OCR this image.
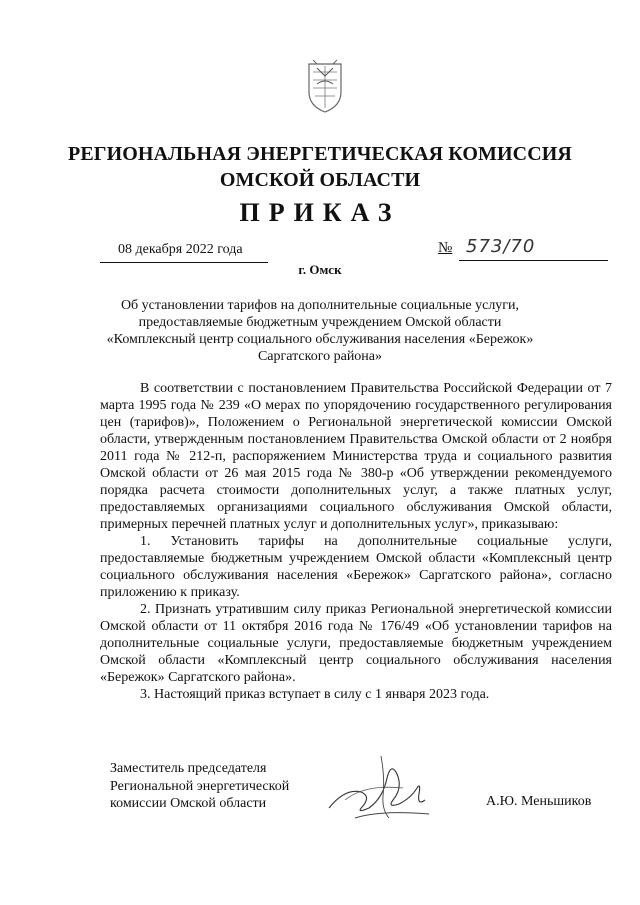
РЕГИОНАЛЬНАЯ ЭНЕРГЕТИЧЕСКАЯ КОМИССИЯ
ОМСКОЙ ОБЛАСТИ
ПРИКАЗ
08 декабря 2022 года	№ 573/70
г. Омск
Об установлении тарифов на дополнительные социальные услуги,
предоставляемые бюджетным учреждением Омской области
«Комплексный центр социального обслуживания населения «Бережок»
Саргатского района»

В соответствии с постановлением Правительства Российской Федерации от 7 марта 1995 года № 239 «О мерах по упорядочению государственного регулирования цен (тарифов)», Положением о Региональной энергетической комиссии Омской области, утвержденным постановлением Правительства Омской области от 2 ноября 2011 года № 212-п, распоряжением Министерства труда и социального развития Омской области от 26 мая 2015 года № 380-р «Об утверждении рекомендуемого порядка расчета стоимости дополнительных услуг, а также платных услуг, предоставляемых организациями социального обслуживания Омской области, примерных перечней платных услуг и дополнительных услуг», приказываю:

1. Установить тарифы на дополнительные социальные услуги, предоставляемые бюджетным учреждением Омской области «Комплексный центр социального обслуживания населения «Бережок» Саргатского района», согласно приложению к приказу.

2. Признать утратившим силу приказ Региональной энергетической комиссии Омской области от 11 октября 2016 года № 176/49 «Об установлении тарифов на дополнительные социальные услуги, предоставляемые бюджетным учреждением Омской области «Комплексный центр социального обслуживания населения «Бережок» Саргатского района».

3. Настоящий приказ вступает в силу с 1 января 2023 года.

Заместитель председателя
Региональной энергетической
комиссии Омской области	А.Ю. Меньшиков
